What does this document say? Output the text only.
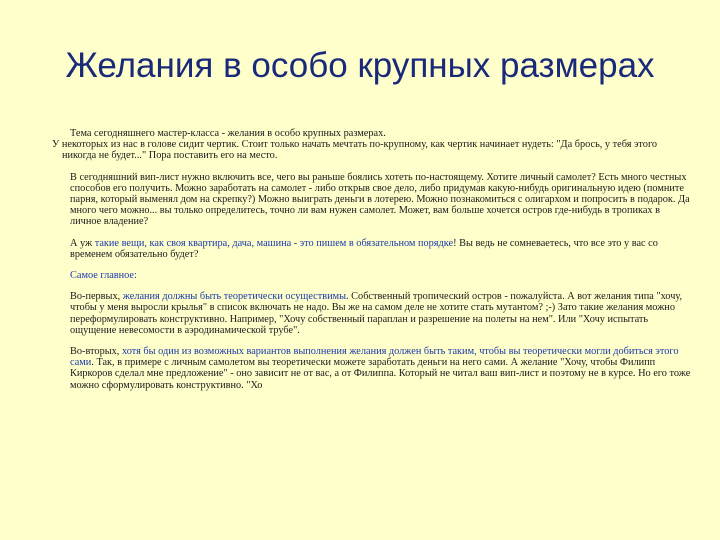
Желания в особо крупных размерах

Тема сегодняшнего мастер-класса - желания в особо крупных размерах.

У некоторых из нас в голове сидит чертик. Стоит только начать мечтать по-крупному, как чертик начинает нудеть: "Да брось, у тебя этого никогда не будет..." Пора поставить его на место.

В сегодняшний вип-лист нужно включить все, чего вы раньше боялись хотеть по-настоящему. Хотите личный самолет? Есть много честных способов его получить. Можно заработать на самолет - либо открыв свое дело, либо придумав какую-нибудь оригинальную идею (помните парня, который выменял дом на скрепку?) Можно выиграть деньги в лотерею. Можно познакомиться с олигархом и попросить в подарок. Да много чего можно... вы только определитесь, точно ли вам нужен самолет. Может, вам больше хочется остров где-нибудь в тропиках в личное владение?

А уж такие вещи, как своя квартира, дача, машина - это пишем в обязательном порядке! Вы ведь не сомневаетесь, что все это у вас со временем обязательно будет?

Самое главное:

Во-первых, желания должны быть теоретически осуществимы. Собственный тропический остров - пожалуйста. А вот желания типа "хочу, чтобы у меня выросли крылья" в список включать не надо. Вы же на самом деле не хотите стать мутантом? ;-) Зато такие желания можно переформулировать конструктивно. Например, "Хочу собственный параплан и разрешение на полеты на нем". Или "Хочу испытать ощущение невесомости в аэродинамической трубе".

Во-вторых, хотя бы один из возможных вариантов выполнения желания должен быть таким, чтобы вы теоретически могли добиться этого сами. Так, в примере с личным самолетом вы теоретически можете заработать деньги на него сами. А желание "Хочу, чтобы Филипп Киркоров сделал мне предложение" - оно зависит не от вас, а от Филиппа. Который не читал ваш вип-лист и поэтому не в курсе. Но его тоже можно сформулировать конструктивно. "Хо
